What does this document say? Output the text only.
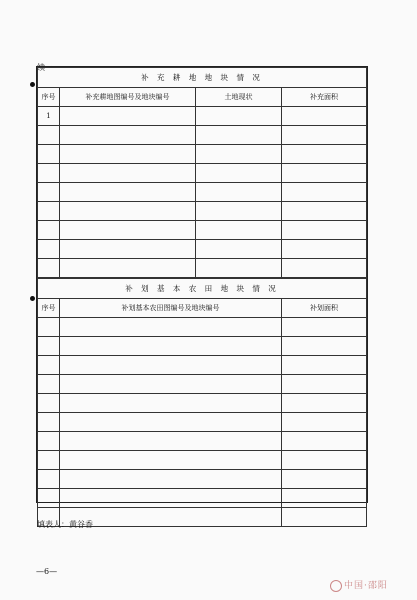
续一
补 充 耕 地 地 块 情 况			
序号	补充耕地图编号及地块编号	土地现状	补充面积
1			

补 划 基 本 农 田 地 块 情 况		
序号	补划基本农田图编号及地块编号	补划面积

填表人：黄谷香
—6—
中国·邵阳
